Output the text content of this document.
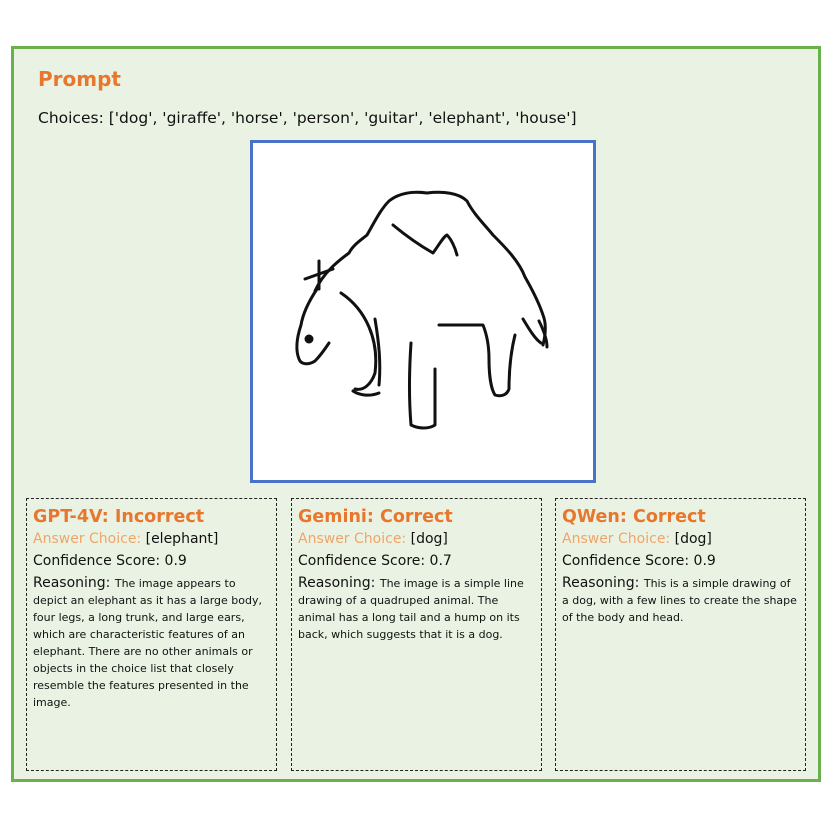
Prompt
Choices: ['dog', 'giraffe', 'horse', 'person', 'guitar', 'elephant', 'house']
GPT-4V: Incorrect
Answer Choice: [elephant]
Confidence Score: 0.9
Reasoning: The image appears to depict an elephant as it has a large body, four legs, a long trunk, and large ears, which are characteristic features of an elephant. There are no other animals or objects in the choice list that closely resemble the features presented in the image.
Gemini: Correct
Answer Choice: [dog]
Confidence Score: 0.7
Reasoning: The image is a simple line drawing of a quadruped animal. The animal has a long tail and a hump on its back, which suggests that it is a dog.
QWen: Correct
Answer Choice: [dog]
Confidence Score: 0.9
Reasoning: This is a simple drawing of a dog, with a few lines to create the shape of the body and head.
